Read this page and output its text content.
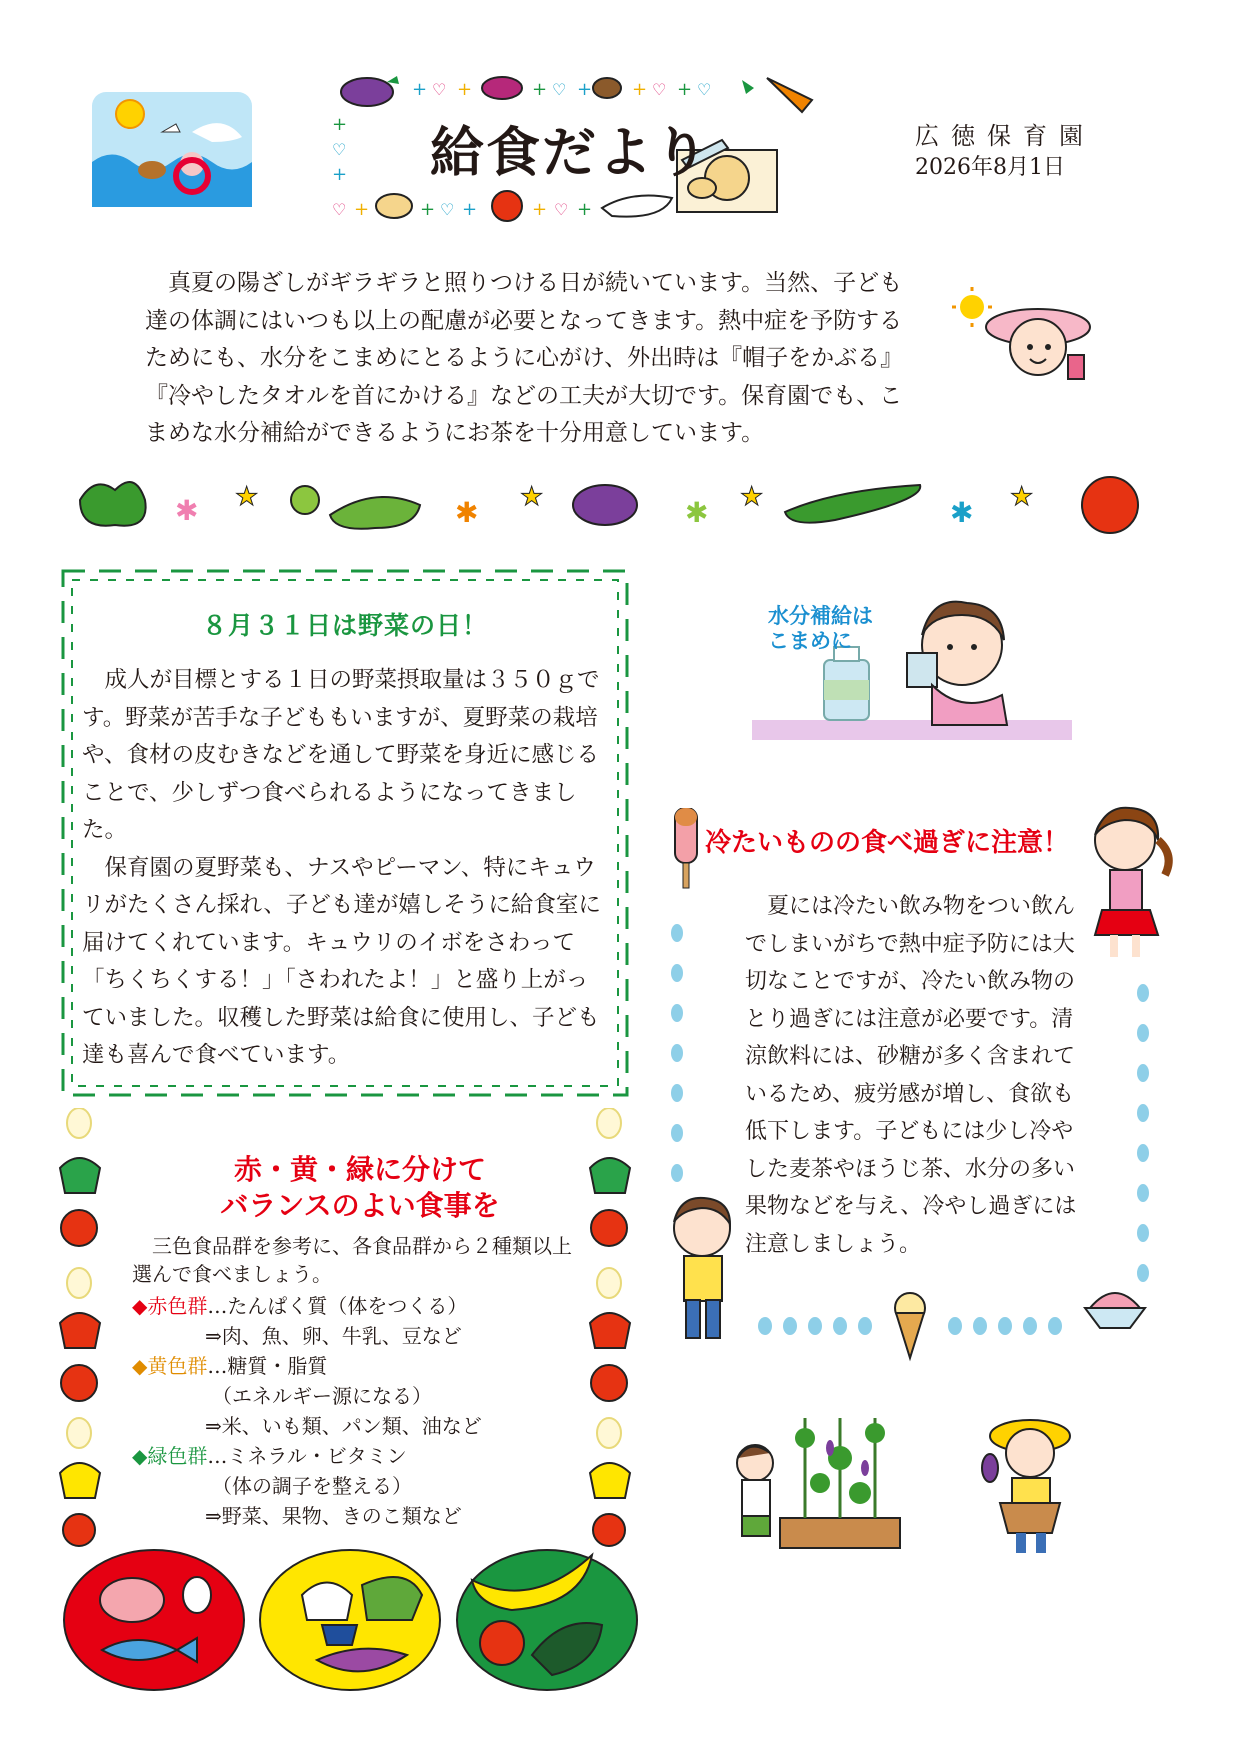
+ ♡ +	+ ♡ + + ♡ + ♡
+
♡
+
♡ +	+ ♡ +	+ ♡ +
給食だより	広徳保育園
2026年8月1日
真夏の陽ざしがギラギラと照りつける日が続いています。当然、子ども達の体調にはいつも以上の配慮が必要となってきます。熱中症を予防するためにも、水分をこまめにとるように心がけ、外出時は『帽子をかぶる』『冷やしたタオルを首にかける』などの工夫が大切です。保育園でも、こまめな水分補給ができるようにお茶を十分用意しています。
✱ ★	✱ ★	✱ ★	✱ ★
８月３１日は野菜の日！

成人が目標とする１日の野菜摂取量は３５０ｇです。野菜が苦手な子どももいますが、夏野菜の栽培や、食材の皮むきなどを通して野菜を身近に感じることで、少しずつ食べられるようになってきました。

保育園の夏野菜も、ナスやピーマン、特にキュウリがたくさん採れ、子ども達が嬉しそうに給食室に届けてくれています。キュウリのイボをさわって「ちくちくする！」「さわれたよ！」と盛り上がっていました。収穫した野菜は給食に使用し、子ども達も喜んで食べています。

水分補給は
こまめに
冷たいものの食べ過ぎに注意！
夏には冷たい飲み物をつい飲んでしまいがちで熱中症予防には大切なことですが、冷たい飲み物のとり過ぎには注意が必要です。清涼飲料には、砂糖が多く含まれているため、疲労感が増し、食欲も低下します。子どもには少し冷やした麦茶やほうじ茶、水分の多い果物などを与え、冷やし過ぎには注意しましょう。
赤・黄・緑に分けて
バランスのよい食事を

三色食品群を参考に、各食品群から２種類以上選んで食べましょう。

◆赤色群…たんぱく質（体をつくる）
⇒肉、魚、卵、牛乳、豆など
◆黄色群…糖質・脂質
（エネルギー源になる）
⇒米、いも類、パン類、油など
◆緑色群…ミネラル・ビタミン
（体の調子を整える）
⇒野菜、果物、きのこ類など
